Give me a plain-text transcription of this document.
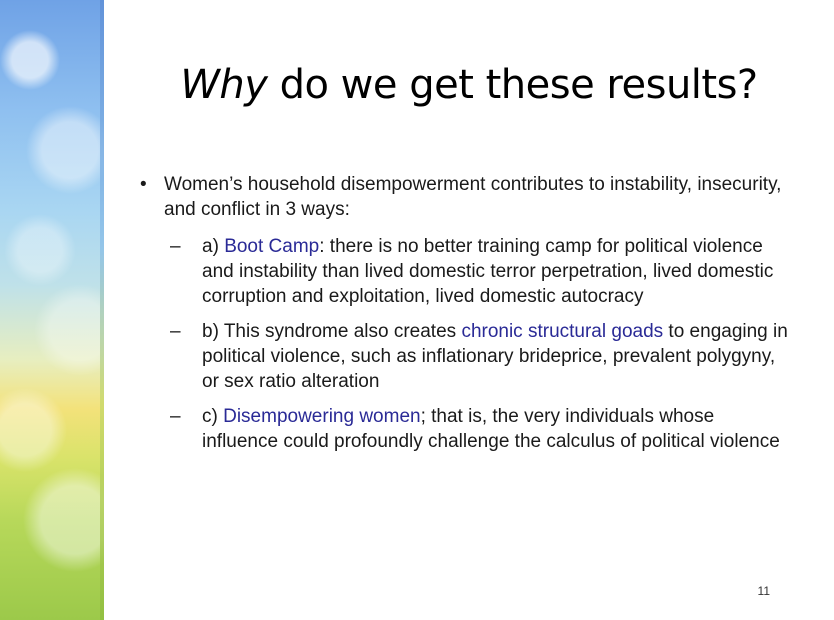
Why do we get these results?
• Women’s household disempowerment contributes to instability, insecurity, and conflict in 3 ways:
– a) Boot Camp: there is no better training camp for political violence and instability than lived domestic terror perpetration, lived domestic corruption and exploitation, lived domestic autocracy
– b) This syndrome also creates chronic structural goads to engaging in political violence, such as inflationary brideprice, prevalent polygyny, or sex ratio alteration
– c) Disempowering women; that is, the very individuals whose influence could profoundly challenge the calculus of political violence
11
